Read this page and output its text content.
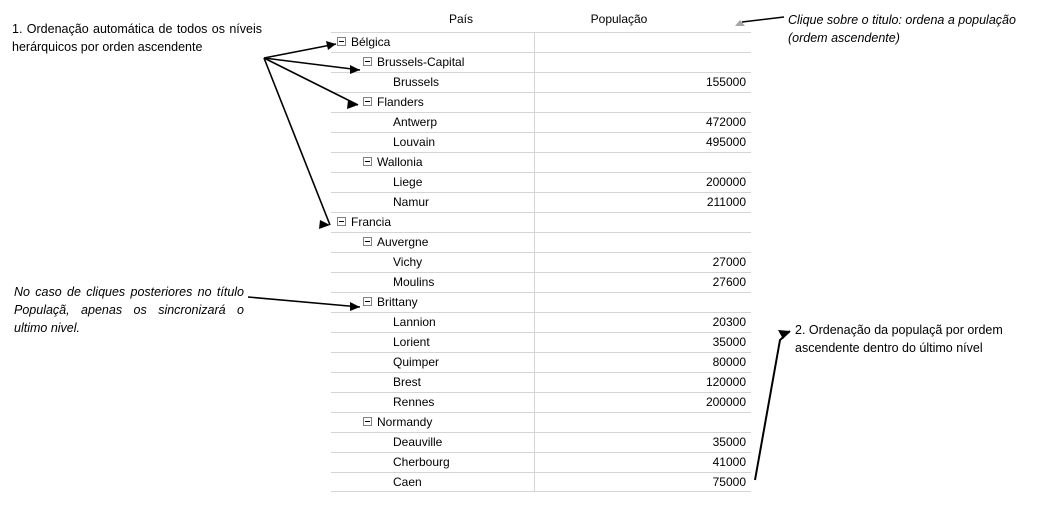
1. Ordenação automática de todos os níveis herárquicos por orden ascendente
No caso de cliques posteriores no título Populaçã, apenas os sincronizará o ultimo nivel.
Clique sobre o titulo: ordena a população (ordem ascendente)
2. Ordenação da populaçã por ordem ascendente dentro do último nível
País	População
Bélgica
Brussels-Capital
Brussels	155000
Flanders
Antwerp	472000
Louvain	495000
Wallonia
Liege	200000
Namur	211000
Francia
Auvergne
Vichy	27000
Moulins	27600
Brittany
Lannion	20300
Lorient	35000
Quimper	80000
Brest	120000
Rennes	200000
Normandy
Deauville	35000
Cherbourg	41000
Caen	75000
